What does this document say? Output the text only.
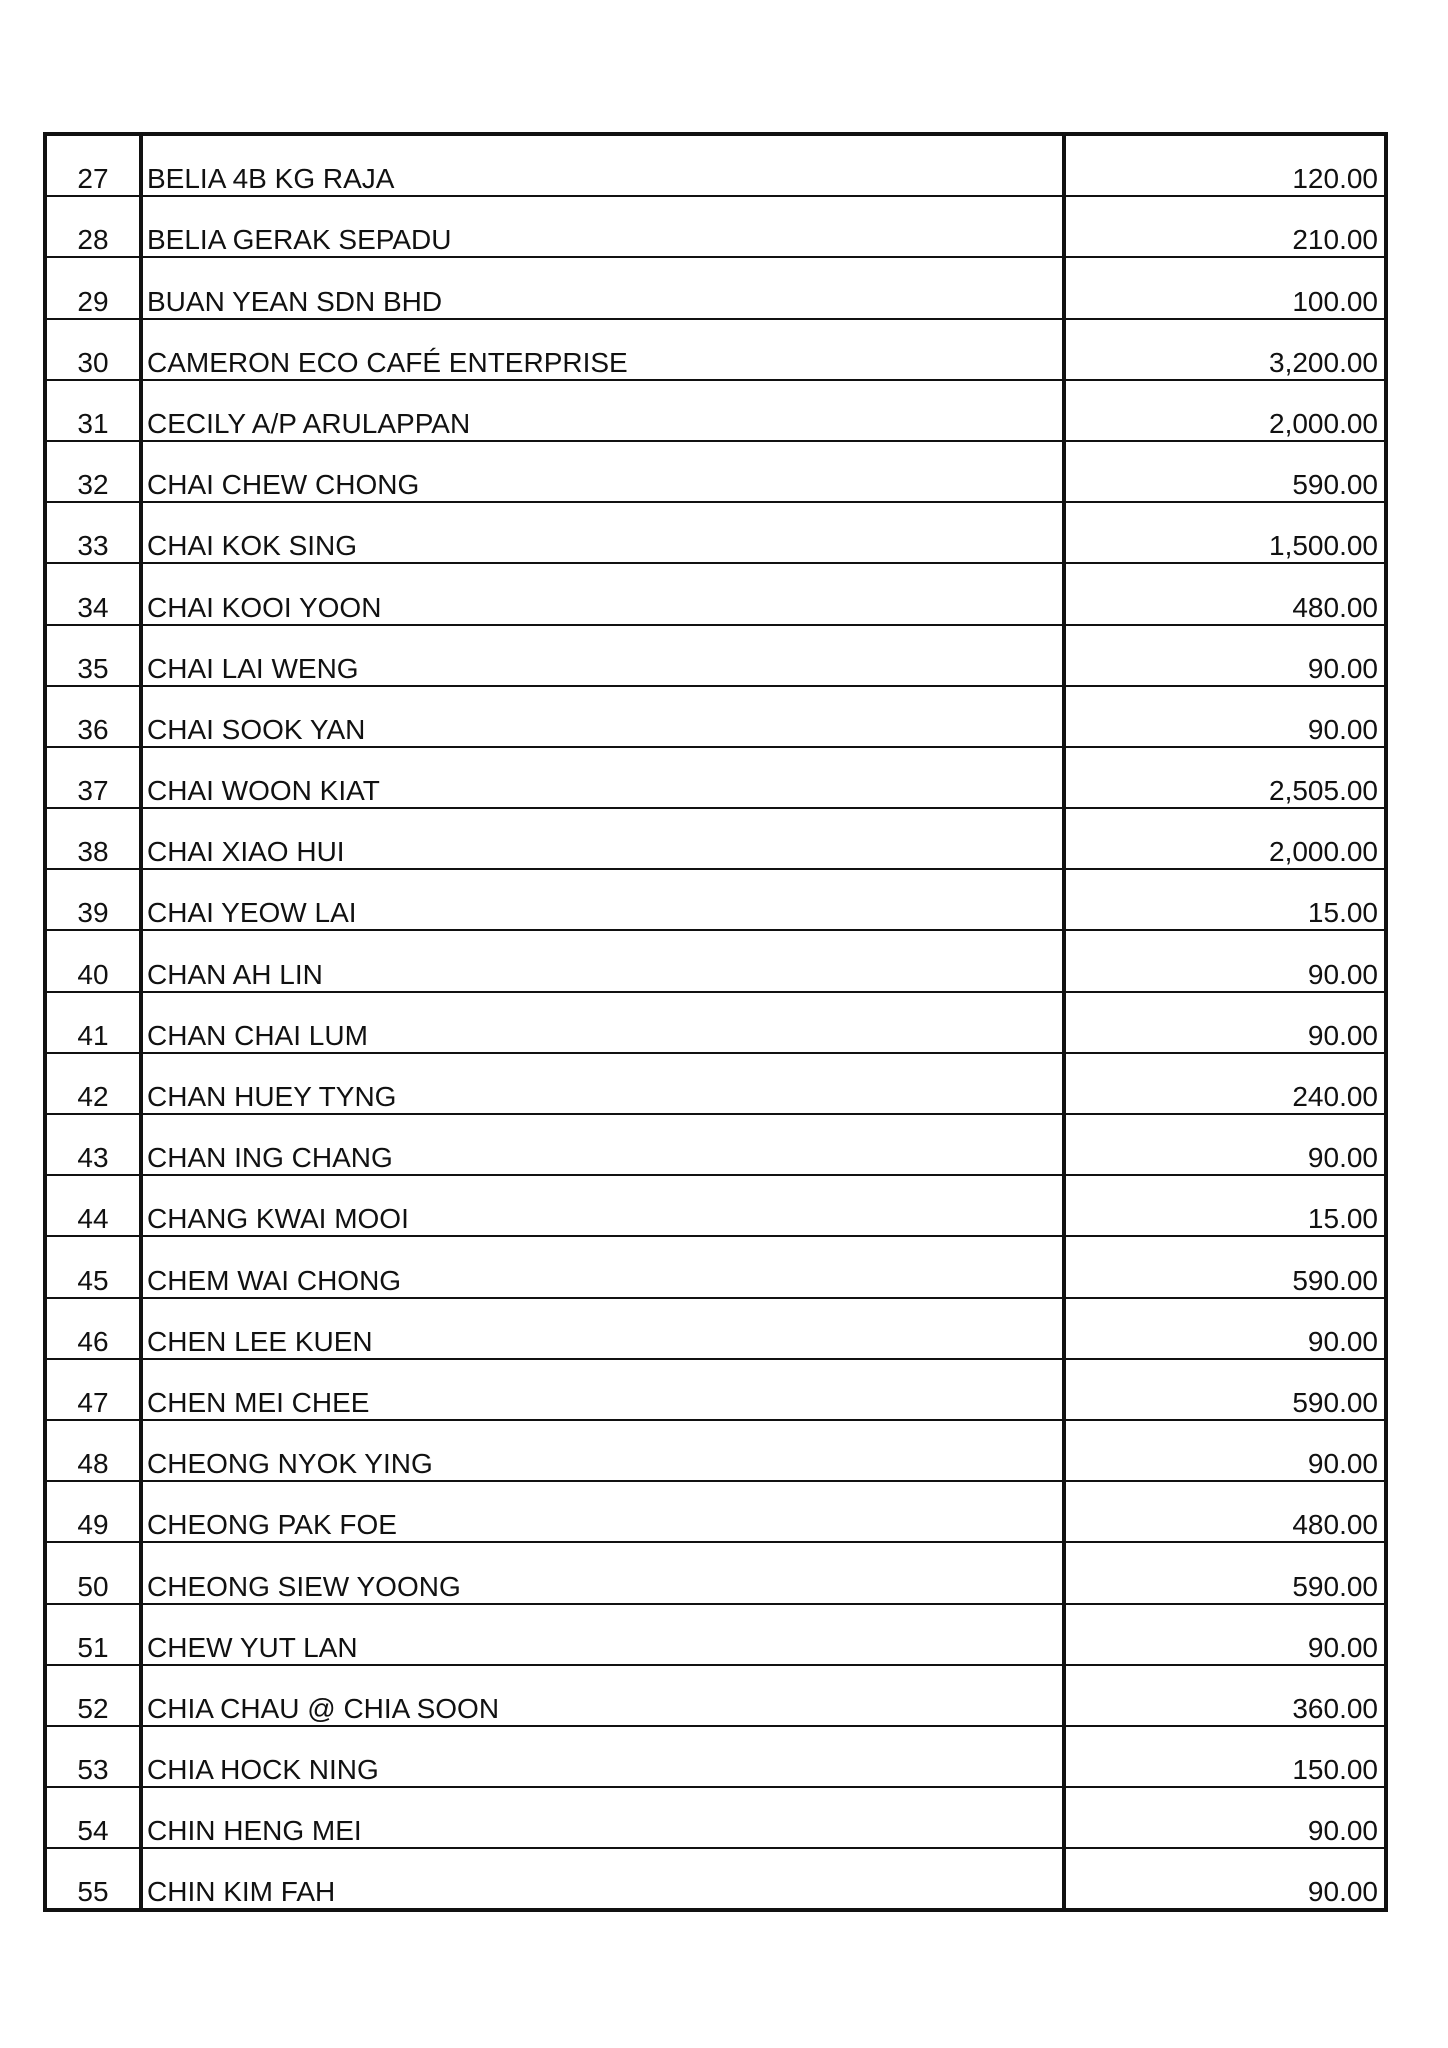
27	BELIA 4B KG RAJA	120.00
28	BELIA GERAK SEPADU	210.00
29	BUAN YEAN SDN BHD	100.00
30	CAMERON ECO CAFÉ ENTERPRISE	3,200.00
31	CECILY A/P ARULAPPAN	2,000.00
32	CHAI CHEW CHONG	590.00
33	CHAI KOK SING	1,500.00
34	CHAI KOOI YOON	480.00
35	CHAI LAI WENG	90.00
36	CHAI SOOK YAN	90.00
37	CHAI WOON KIAT	2,505.00
38	CHAI XIAO HUI	2,000.00
39	CHAI YEOW LAI	15.00
40	CHAN AH LIN	90.00
41	CHAN CHAI LUM	90.00
42	CHAN HUEY TYNG	240.00
43	CHAN ING CHANG	90.00
44	CHANG KWAI MOOI	15.00
45	CHEM WAI CHONG	590.00
46	CHEN LEE KUEN	90.00
47	CHEN MEI CHEE	590.00
48	CHEONG NYOK YING	90.00
49	CHEONG PAK FOE	480.00
50	CHEONG SIEW YOONG	590.00
51	CHEW YUT LAN	90.00
52	CHIA CHAU @ CHIA SOON	360.00
53	CHIA HOCK NING	150.00
54	CHIN HENG MEI	90.00
55	CHIN KIM FAH	90.00
